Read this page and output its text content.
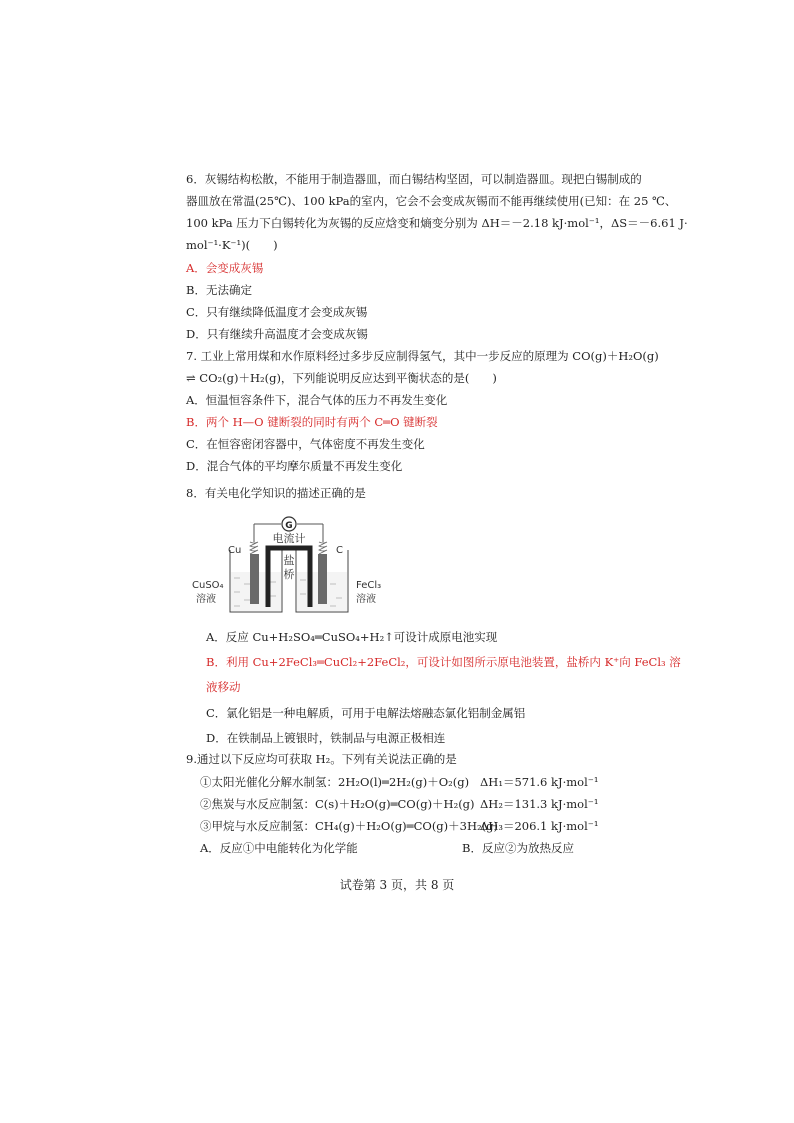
6．灰锡结构松散，不能用于制造器皿，而白锡结构坚固，可以制造器皿。现把白锡制成的
器皿放在常温(25℃)、100 kPa的室内，它会不会变成灰锡而不能再继续使用(已知：在 25 ℃、
100 kPa 压力下白锡转化为灰锡的反应焓变和熵变分别为 ΔH＝－2.18 kJ·mol⁻¹，ΔS＝－6.61 J·
mol⁻¹·K⁻¹)(　　)
A．会变成灰锡
B．无法确定
C．只有继续降低温度才会变成灰锡
D．只有继续升高温度才会变成灰锡
7. 工业上常用煤和水作原料经过多步反应制得氢气，其中一步反应的原理为 CO(g)＋H₂O(g)
⇌ CO₂(g)＋H₂(g)，下列能说明反应达到平衡状态的是(　　)
A．恒温恒容条件下，混合气体的压力不再发生变化
B．两个 H—O 键断裂的同时有两个 C═O 键断裂
C．在恒容密闭容器中，气体密度不再发生变化
D．混合气体的平均摩尔质量不再发生变化
8．有关电化学知识的描述正确的是
G
电流计
盐
桥
Cu	C
CuSO₄
溶液
FeCl₃
溶液
A．反应 Cu+H₂SO₄═CuSO₄+H₂↑可设计成原电池实现
B．利用 Cu+2FeCl₃═CuCl₂+2FeCl₂，可设计如图所示原电池装置，盐桥内 K⁺向 FeCl₃ 溶
液移动
C．氯化铝是一种电解质，可用于电解法熔融态氯化铝制金属铝
D．在铁制品上镀银时，铁制品与电源正极相连
9.通过以下反应均可获取 H₂。下列有关说法正确的是
①太阳光催化分解水制氢：2H₂O(l)═2H₂(g)＋O₂(g) ΔH₁＝571.6 kJ·mol⁻¹
②焦炭与水反应制氢：C(s)＋H₂O(g)═CO(g)＋H₂(g) ΔH₂＝131.3 kJ·mol⁻¹
③甲烷与水反应制氢：CH₄(g)＋H₂O(g)═CO(g)＋3H₂(g)
ΔH₃＝206.1 kJ·mol⁻¹
A．反应①中电能转化为化学能	B．反应②为放热反应
试卷第 3 页，共 8 页
